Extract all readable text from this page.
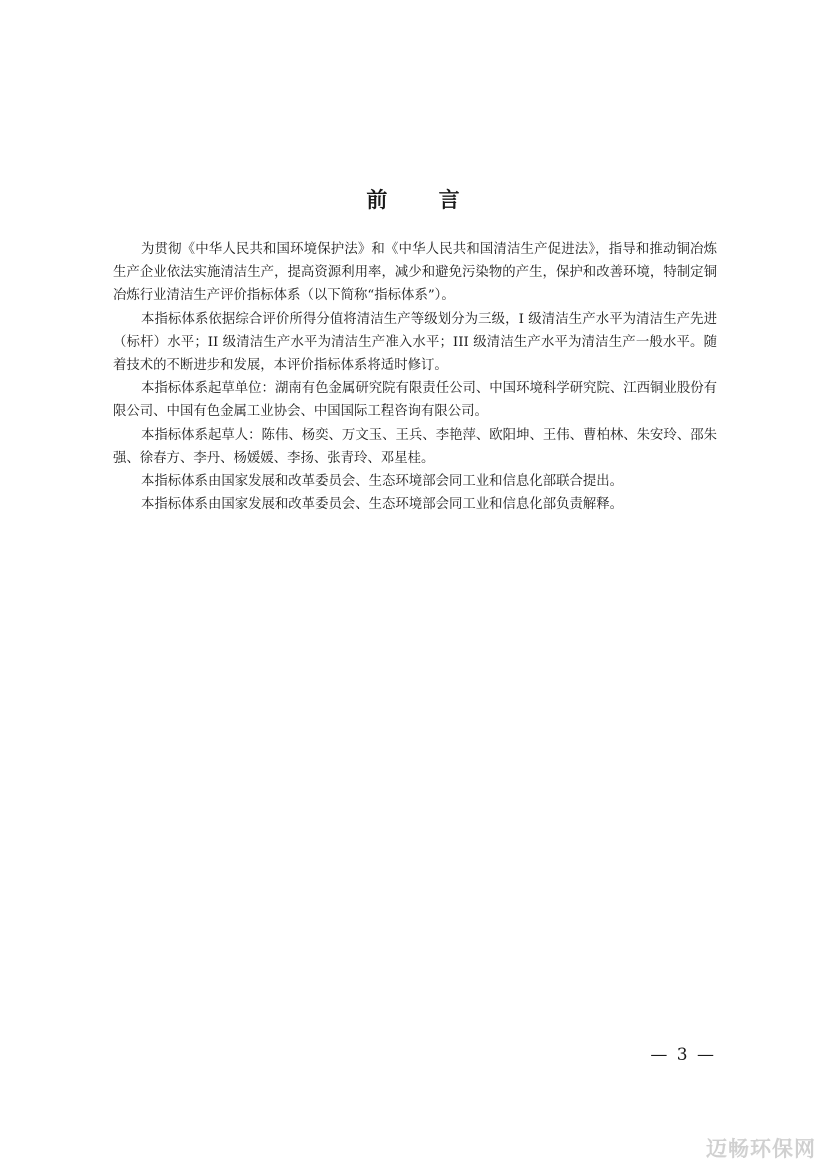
前 言

为贯彻《中华人民共和国环境保护法》和《中华人民共和国清洁生产促进法》，指导和推动铜冶炼生产企业依法实施清洁生产，提高资源利用率，减少和避免污染物的产生，保护和改善环境，特制定铜冶炼行业清洁生产评价指标体系（以下简称“指标体系”）。

本指标体系依据综合评价所得分值将清洁生产等级划分为三级，I 级清洁生产水平为清洁生产先进（标杆）水平；II 级清洁生产水平为清洁生产准入水平；III 级清洁生产水平为清洁生产一般水平。随着技术的不断进步和发展，本评价指标体系将适时修订。

本指标体系起草单位：湖南有色金属研究院有限责任公司、中国环境科学研究院、江西铜业股份有限公司、中国有色金属工业协会、中国国际工程咨询有限公司。

本指标体系起草人：陈伟、杨奕、万文玉、王兵、李艳萍、欧阳坤、王伟、曹柏林、朱安玲、邵朱强、徐春方、李丹、杨媛媛、李扬、张青玲、邓星桂。

本指标体系由国家发展和改革委员会、生态环境部会同工业和信息化部联合提出。

本指标体系由国家发展和改革委员会、生态环境部会同工业和信息化部负责解释。

— 3 —
迈畅环保网
